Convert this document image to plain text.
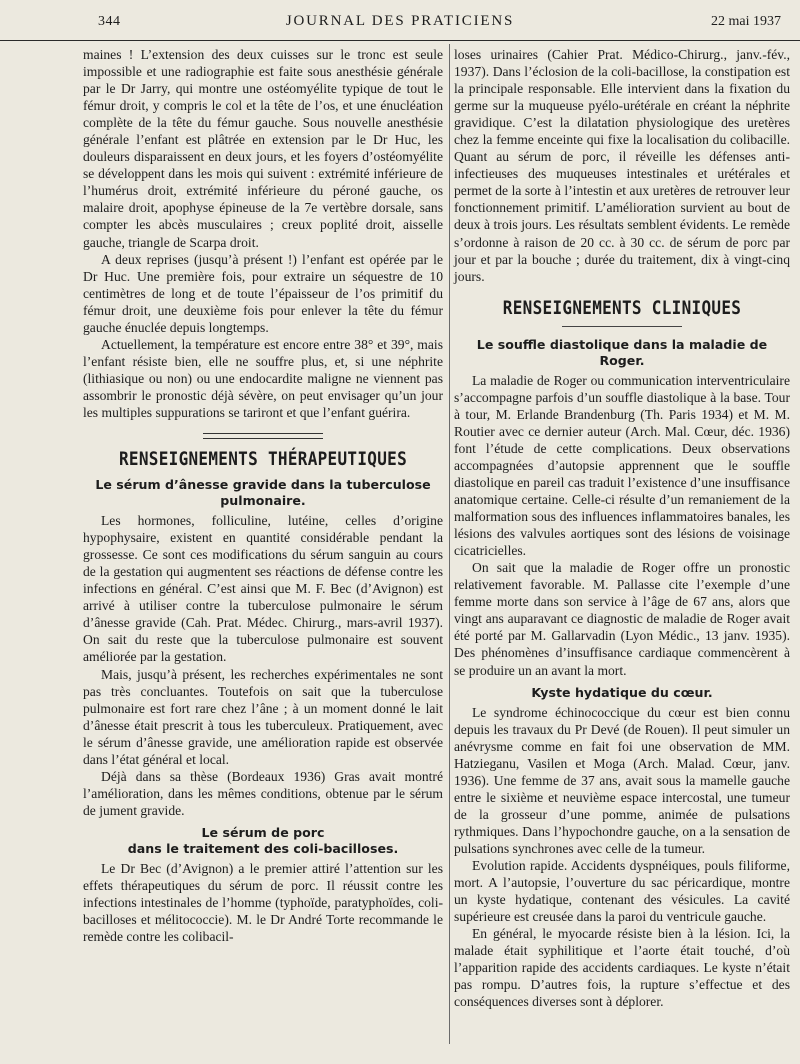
344	JOURNAL DES PRATICIENS	22 mai 1937

maines ! L’extension des deux cuisses sur le tronc est seule impossible et une radiographie est faite sous anesthésie générale par le Dr Jarry, qui montre une ostéomyélite typique de tout le fémur droit, y compris le col et la tête de l’os, et une énucléation complète de la tête du fémur gauche. Sous nouvelle anesthésie générale l’enfant est plâtrée en extension par le Dr Huc, les douleurs disparaissent en deux jours, et les foyers d’ostéomyélite se développent dans les mois qui suivent : extrémité inférieure de l’humérus droit, extrémité inférieure du péroné gauche, os malaire droit, apophyse épineuse de la 7e vertèbre dorsale, sans compter les abcès musculaires ; creux poplité droit, aisselle gauche, triangle de Scarpa droit.

A deux reprises (jusqu’à présent !) l’enfant est opérée par le Dr Huc. Une première fois, pour extraire un séquestre de 10 centimètres de long et de toute l’épaisseur de l’os primitif du fémur droit, une deuxième fois pour enlever la tête du fémur gauche énuclée depuis longtemps.

Actuellement, la température est encore entre 38° et 39°, mais l’enfant résiste bien, elle ne souffre plus, et, si une néphrite (lithiasique ou non) ou une endocardite maligne ne viennent pas assombrir le pronostic déjà sévère, on peut envisager qu’un jour les multiples suppurations se tariront et que l’enfant guérira.

RENSEIGNEMENTS THÉRAPEUTIQUES
Le sérum d’ânesse gravide dans la tuberculose pulmonaire.

Les hormones, folliculine, lutéine, celles d’origine hypophysaire, existent en quantité considérable pendant la grossesse. Ce sont ces modifications du sérum sanguin au cours de la gestation qui augmentent ses réactions de défense contre les infections en général. C’est ainsi que M. F. Bec (d’Avignon) est arrivé à utiliser contre la tuberculose pulmonaire le sérum d’ânesse gravide (Cah. Prat. Médec. Chirurg., mars-avril 1937). On sait du reste que la tuberculose pulmonaire est souvent améliorée par la gestation.

Mais, jusqu’à présent, les recherches expérimentales ne sont pas très concluantes. Toutefois on sait que la tuberculose pulmonaire est fort rare chez l’âne ; à un moment donné le lait d’ânesse était prescrit à tous les tuberculeux. Pratiquement, avec le sérum d’ânesse gravide, une amélioration rapide est observée dans l’état général et local.

Déjà dans sa thèse (Bordeaux 1936) Gras avait montré l’amélioration, dans les mêmes conditions, obtenue par le sérum de jument gravide.

Le sérum de porc
dans le traitement des coli-bacilloses.

Le Dr Bec (d’Avignon) a le premier attiré l’attention sur les effets thérapeutiques du sérum de porc. Il réussit contre les infections intestinales de l’homme (typhoïde, paratyphoïdes, coli-bacilloses et mélitococcie). M. le Dr André Torte recommande le remède contre les colibacil-

loses urinaires (Cahier Prat. Médico-Chirurg., janv.-fév., 1937). Dans l’éclosion de la coli-bacillose, la constipation est la principale responsable. Elle intervient dans la fixation du germe sur la muqueuse pyélo-urétérale en créant la néphrite gravidique. C’est la dilatation physiologique des uretères chez la femme enceinte qui fixe la localisation du colibacille. Quant au sérum de porc, il réveille les défenses anti-infectieuses des muqueuses intestinales et urétérales et permet de la sorte à l’intestin et aux uretères de retrouver leur fonctionnement primitif. L’amélioration survient au bout de deux à trois jours. Les résultats semblent évidents. Le remède s’ordonne à raison de 20 cc. à 30 cc. de sérum de porc par jour et par la bouche ; durée du traitement, dix à vingt-cinq jours.

RENSEIGNEMENTS CLINIQUES
Le souffle diastolique dans la maladie de Roger.

La maladie de Roger ou communication interventriculaire s’accompagne parfois d’un souffle diastolique à la base. Tour à tour, M. Erlande Brandenburg (Th. Paris 1934) et M. M. Routier avec ce dernier auteur (Arch. Mal. Cœur, déc. 1936) font l’étude de cette complications. Deux observations accompagnées d’autopsie apprennent que le souffle diastolique en pareil cas traduit l’existence d’une insuffisance anatomique certaine. Celle-ci résulte d’un remaniement de la malformation sous des influences inflammatoires banales, les lésions des valvules aortiques sont des lésions de voisinage cicatricielles.

On sait que la maladie de Roger offre un pronostic relativement favorable. M. Pallasse cite l’exemple d’une femme morte dans son service à l’âge de 67 ans, alors que vingt ans auparavant ce diagnostic de maladie de Roger avait été porté par M. Gallarvadin (Lyon Médic., 13 janv. 1935). Des phénomènes d’insuffisance cardiaque commencèrent à se produire un an avant la mort.

Kyste hydatique du cœur.

Le syndrome échinococcique du cœur est bien connu depuis les travaux du Pr Devé (de Rouen). Il peut simuler un anévrysme comme en fait foi une observation de MM. Hatzieganu, Vasilen et Moga (Arch. Malad. Cœur, janv. 1936). Une femme de 37 ans, avait sous la mamelle gauche entre le sixième et neuvième espace intercostal, une tumeur de la grosseur d’une pomme, animée de pulsations rythmiques. Dans l’hypochondre gauche, on a la sensation de pulsations synchrones avec celle de la tumeur.

Evolution rapide. Accidents dyspnéiques, pouls filiforme, mort. A l’autopsie, l’ouverture du sac péricardique, montre un kyste hydatique, contenant des vésicules. La cavité supérieure est creusée dans la paroi du ventricule gauche.

En général, le myocarde résiste bien à la lésion. Ici, la malade était syphilitique et l’aorte était touché, d’où l’apparition rapide des accidents cardiaques. Le kyste n’était pas rompu. D’autres fois, la rupture s’effectue et des conséquences diverses sont à déplorer.
